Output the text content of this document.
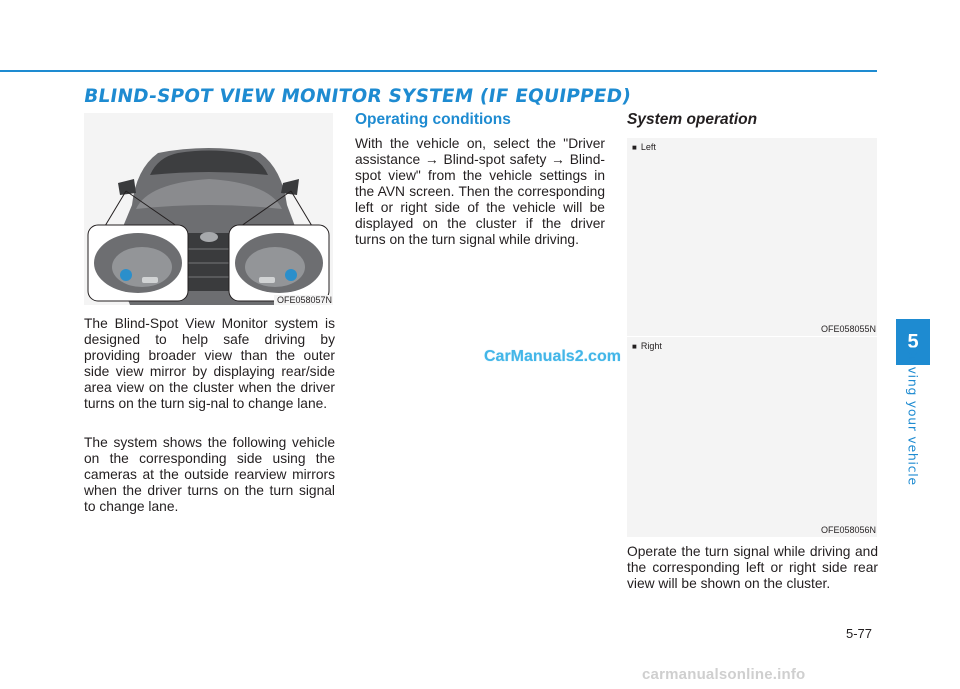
BLIND-SPOT VIEW MONITOR SYSTEM (IF EQUIPPED)
5
Driving your vehicle
OFE058057N

The Blind-Spot View Monitor system is designed to help safe driving by providing broader view than the outer side view mirror by displaying rear/side area view on the cluster when the driver turns on the turn sig-nal to change lane.

The system shows the following vehicle on the corresponding side using the cameras at the outside rearview mirrors when the driver turns on the turn signal to change lane.

Operating conditions

With the vehicle on, select the "Driver assistance → Blind-spot safety → Blind-spot view" from the vehicle settings in the AVN screen. Then the corresponding left or right side of the vehicle will be displayed on the cluster if the driver turns on the turn signal while driving.

System operation
■ Left
OFE058055N
■ Right
OFE058056N

Operate the turn signal while driving and the corresponding left or right side rear view will be shown on the cluster.

CarManuals2.com
5-77
carmanualsonline.info
